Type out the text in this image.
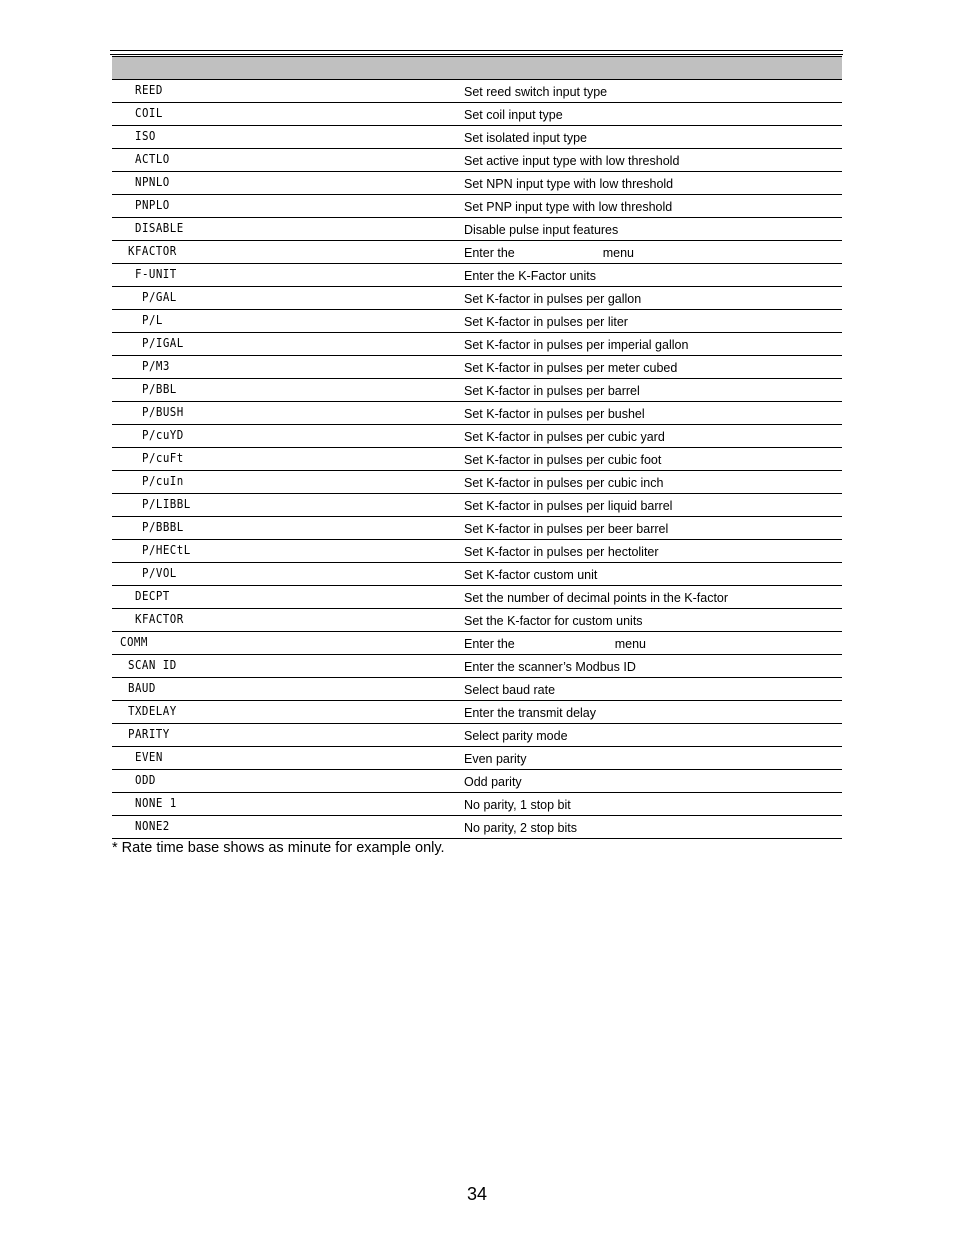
REED	Set reed switch input type
COIL	Set coil input type
ISO	Set isolated input type
ACTLO	Set active input type with low threshold
NPNLO	Set NPN input type with low threshold
PNPLO	Set PNP input type with low threshold
DISABLE	Disable pulse input features
KFACTOR	Enter the	menu
F-UNIT	Enter the K-Factor units
P/GAL	Set K-factor in pulses per gallon
P/L	Set K-factor in pulses per liter
P/IGAL	Set K-factor in pulses per imperial gallon
P/M3	Set K-factor in pulses per meter cubed
P/BBL	Set K-factor in pulses per barrel
P/BUSH	Set K-factor in pulses per bushel
P/cuYD	Set K-factor in pulses per cubic yard
P/cuFt	Set K-factor in pulses per cubic foot
P/cuIn	Set K-factor in pulses per cubic inch
P/LIBBL	Set K-factor in pulses per liquid barrel
P/BBBL	Set K-factor in pulses per beer barrel
P/HECtL	Set K-factor in pulses per hectoliter
P/VOL	Set K-factor custom unit
DECPT	Set the number of decimal points in the K-factor
KFACTOR	Set the K-factor for custom units
COMM	Enter the	menu
SCAN ID	Enter the scanner’s Modbus ID
BAUD	Select baud rate
TXDELAY	Enter the transmit delay
PARITY	Select parity mode
EVEN	Even parity
ODD	Odd parity
NONE 1	No parity, 1 stop bit
NONE2	No parity, 2 stop bits
* Rate time base shows as minute for example only.
34
